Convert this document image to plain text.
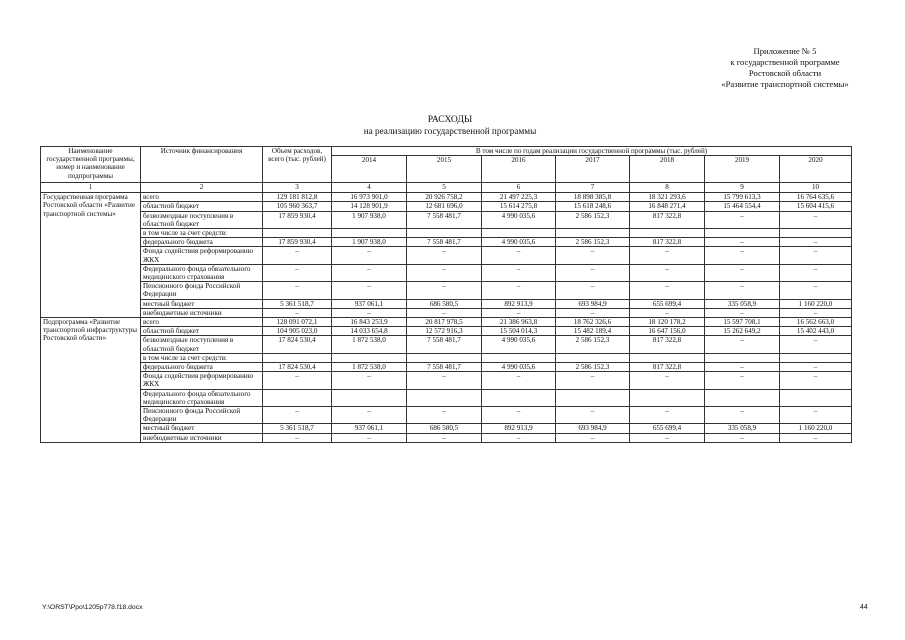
Приложение № 5
к государственной программе
Ростовской области
«Развитие транспортной системы»
РАСХОДЫ
на реализацию государственной программы
Наименование государственной программы, номер и наименование подпрограммы	Источник финансирования	Объем расходов, всего (тыс. рублей)	В том числе по годам реализации государственной программы (тыс. рублей)						
			2014	2015	2016	2017	2018	2019	2020
1	2	3	4	5	6	7	8	9	10
Государственная программа Ростовской области «Развитие транспортной системы»	всего	129 181 812,8	16 973 901,0	20 926 758,2	21 497 225,3	18 898 385,8	18 321 293,6	15 799 613,3	16 764 635,6
	областной бюджет	105 960 363,7	14 128 901,9	12 681 696,0	15 614 275,8	15 618 248,6	16 848 271,4	15 464 554,4	15 604 415,6
	безвозмездные поступления в областной бюджет	17 859 930,4	1 907 938,0	7 558 481,7	4 990 035,6	2 586 152,3	817 322,8	–	–
	в том числе за счет средств:								
	федерального бюджета	17 859 930,4	1 907 938,0	7 558 481,7	4 990 035,6	2 586 152,3	817 322,8	–	–
	Фонда содействия реформированию ЖКХ	–	–	–	–	–	–	–	–
	Федерального фонда обязательного медицинского страхования	–	–	–	–	–	–	–	–
	Пенсионного фонда Российской Федерации	–	–	–	–	–	–	–	–
	местный бюджет	5 361 518,7	937 061,1	686 580,5	892 913,9	693 984,9	655 699,4	335 058,9	1 160 220,0
	внебюджетные источники	–	–	–	–	–	–	–	–
Подпрограмма «Развитие транспортной инфраструктуры Ростовской области»	всего	128 091 072,1	16 843 253,9	20 817 978,5	21 386 963,8	18 762 326,6	18 120 178,2	15 597 708,1	16 562 663,0
	областной бюджет	104 905 023,0	14 033 654,8	12 572 916,3	15 504 014,3	15 482 189,4	16 647 156,0	15 262 649,2	15 402 443,0
	безвозмездные поступления в областной бюджет	17 824 530,4	1 872 538,0	7 558 481,7	4 990 035,6	2 586 152,3	817 322,8	–	–
	в том числе за счет средств:								
	федерального бюджета	17 824 530,4	1 872 538,0	7 558 481,7	4 990 035,6	2 586 152,3	817 322,8	–	–
	Фонда содействия реформированию ЖКХ	–	–	–	–	–	–	–	–
	Федерального фонда обязательного медицинского страхования								
	Пенсионного фонда Российской Федерации	–	–	–	–	–	–	–	–
	местный бюджет	5 361 518,7	937 061,1	686 580,5	892 913,9	693 984,9	655 699,4	335 058,9	1 160 220,0
	внебюджетные источники	–	–	–	–	–	–	–	–
Y:\ORST\Ppo\1205p778.f18.docx	44
